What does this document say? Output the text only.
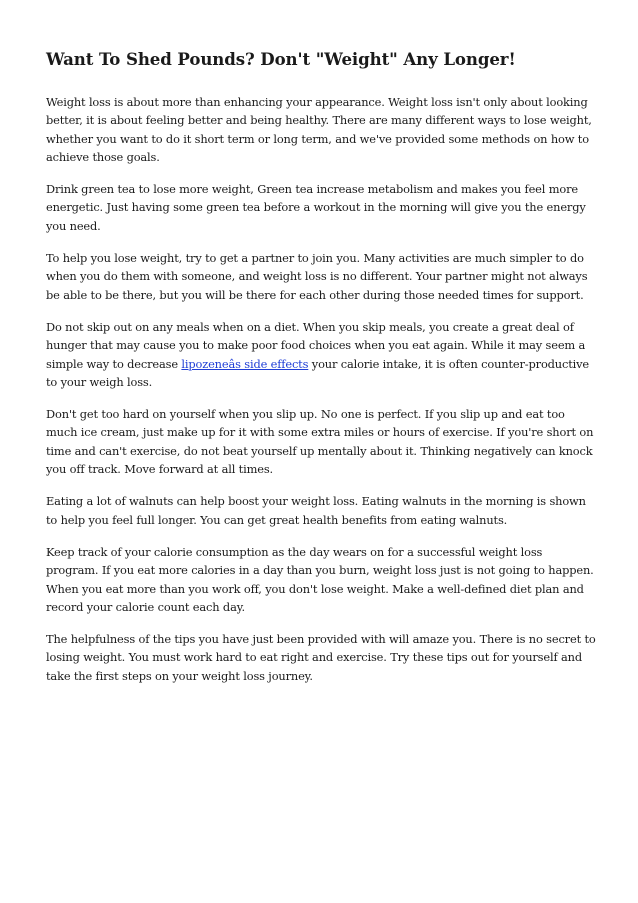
Want To Shed Pounds? Don't "Weight" Any Longer!

Weight loss is about more than enhancing your appearance. Weight loss isn't only about looking better, it is about feeling better and being healthy. There are many different ways to lose weight, whether you want to do it short term or long term, and we've provided some methods on how to achieve those goals.

Drink green tea to lose more weight, Green tea increase metabolism and makes you feel more energetic. Just having some green tea before a workout in the morning will give you the energy you need.

To help you lose weight, try to get a partner to join you. Many activities are much simpler to do when you do them with someone, and weight loss is no different. Your partner might not always be able to be there, but you will be there for each other during those needed times for support.

Do not skip out on any meals when on a diet. When you skip meals, you create a great deal of hunger that may cause you to make poor food choices when you eat again. While it may seem a simple way to decrease lipozeneâs side effects your calorie intake, it is often counter-productive to your weigh loss.

Don't get too hard on yourself when you slip up. No one is perfect. If you slip up and eat too much ice cream, just make up for it with some extra miles or hours of exercise. If you're short on time and can't exercise, do not beat yourself up mentally about it. Thinking negatively can knock you off track. Move forward at all times.

Eating a lot of walnuts can help boost your weight loss. Eating walnuts in the morning is shown to help you feel full longer. You can get great health benefits from eating walnuts.

Keep track of your calorie consumption as the day wears on for a successful weight loss program. If you eat more calories in a day than you burn, weight loss just is not going to happen. When you eat more than you work off, you don't lose weight. Make a well-defined diet plan and record your calorie count each day.

The helpfulness of the tips you have just been provided with will amaze you. There is no secret to losing weight. You must work hard to eat right and exercise. Try these tips out for yourself and take the first steps on your weight loss journey.
